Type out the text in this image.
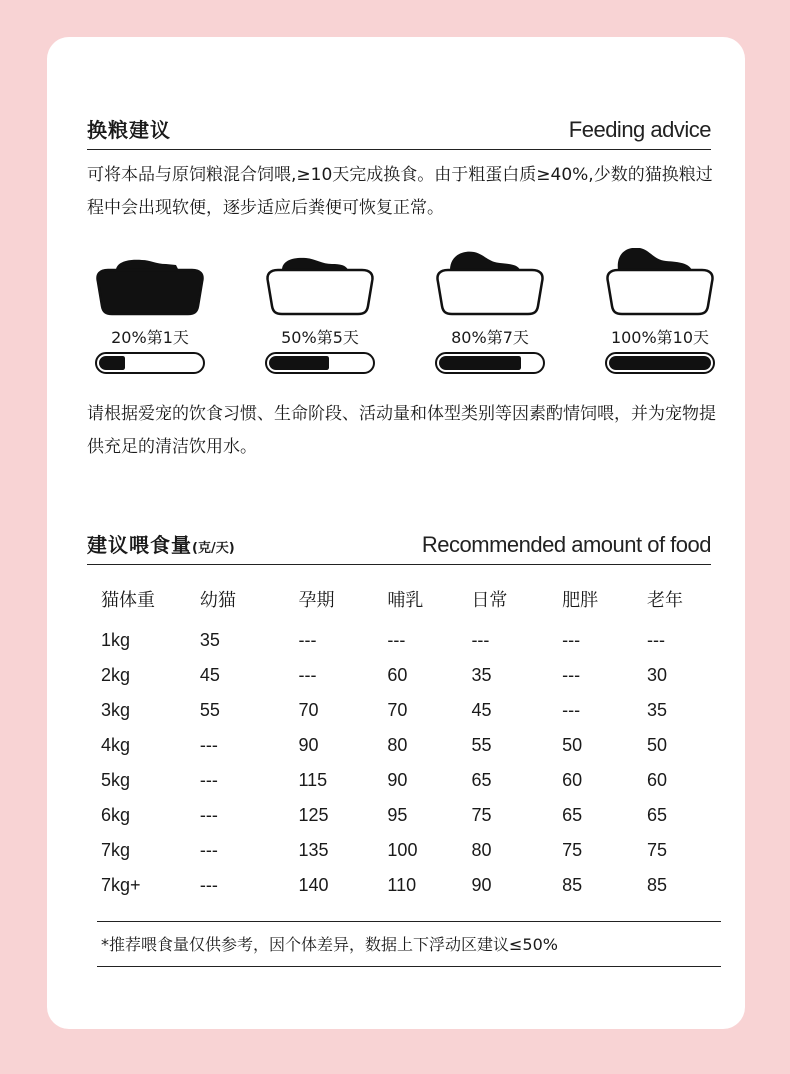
换粮建议	Feeding advice
可将本品与原饲粮混合饲喂,≥10天完成换食。由于粗蛋白质≥40%,少数的猫换粮过程中会出现软便，逐步适应后粪便可恢复正常。
20%第1天	50%第5天	80%第7天	100%第10天
请根据爱宠的饮食习惯、生命阶段、活动量和体型类别等因素酌情饲喂，并为宠物提供充足的清洁饮用水。
建议喂食量(克/天)	Recommended amount of food
猫体重	幼猫	孕期	哺乳	日常	肥胖	老年
1kg	35	---	---	---	---	---
2kg	45	---	60	35	---	30
3kg	55	70	70	45	---	35
4kg	---	90	80	55	50	50
5kg	---	115	90	65	60	60
6kg	---	125	95	75	65	65
7kg	---	135	100	80	75	75
7kg+	---	140	110	90	85	85
*推荐喂食量仅供参考，因个体差异，数据上下浮动区建议≤50%
